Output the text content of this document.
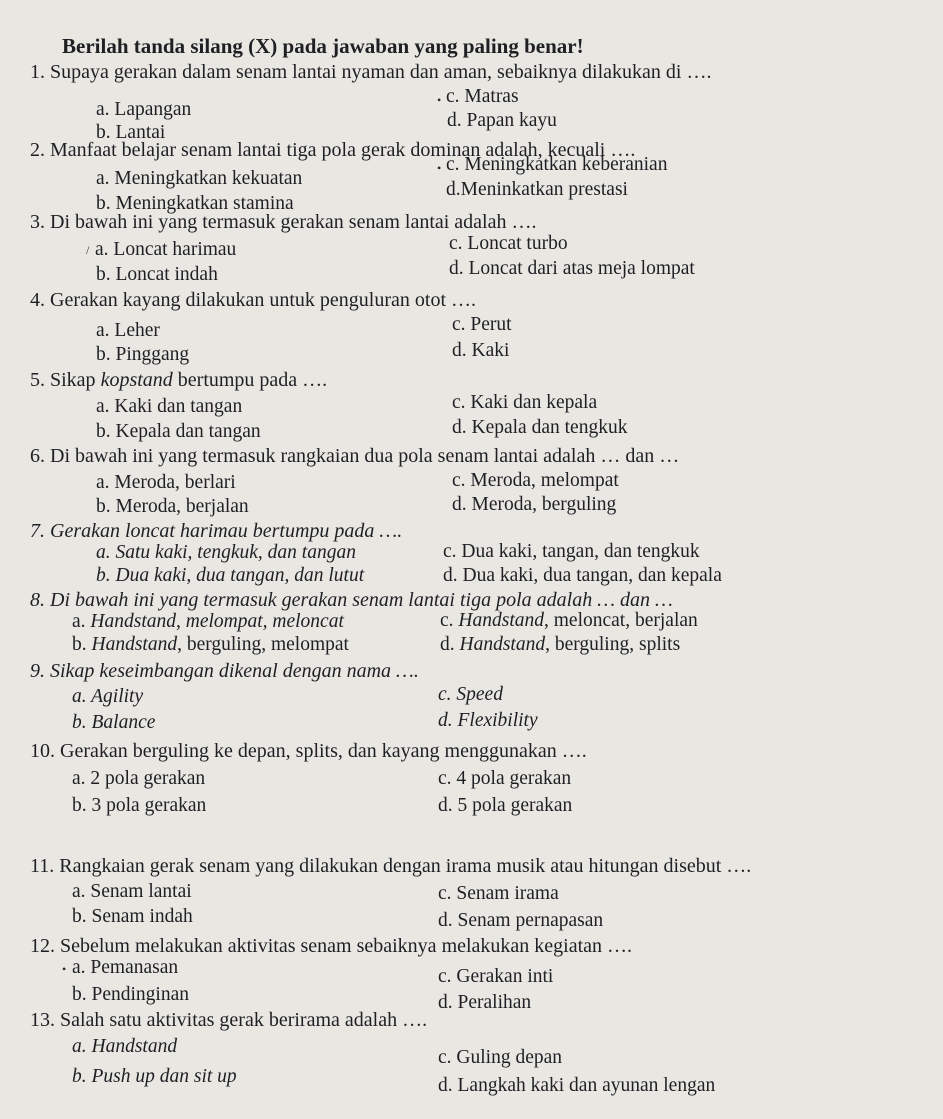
Berilah tanda silang (X) pada jawaban yang paling benar!
1. Supaya gerakan dalam senam lantai nyaman dan aman, sebaiknya dilakukan di ….
a. Lapangan
b. Lantai
• c. Matras
d. Papan kayu
2. Manfaat belajar senam lantai tiga pola gerak dominan adalah, kecuali ….
a. Meningkatkan kekuatan
b. Meningkatkan stamina
• c. Meningkatkan keberanian
d.Meninkatkan prestasi
3. Di bawah ini yang termasuk gerakan senam lantai adalah ….
/ a. Loncat harimau
b. Loncat indah
c. Loncat turbo
d. Loncat dari atas meja lompat
4. Gerakan kayang dilakukan untuk penguluran otot ….
a. Leher
b. Pinggang
c. Perut
d. Kaki
5. Sikap kopstand bertumpu pada ….
a. Kaki dan tangan
b. Kepala dan tangan
c. Kaki dan kepala
d. Kepala dan tengkuk
6. Di bawah ini yang termasuk rangkaian dua pola senam lantai adalah … dan …
a. Meroda, berlari
b. Meroda, berjalan
c. Meroda, melompat
d. Meroda, berguling
7. Gerakan loncat harimau bertumpu pada ….
a. Satu kaki, tengkuk, dan tangan
b. Dua kaki, dua tangan, dan lutut
c. Dua kaki, tangan, dan tengkuk
d. Dua kaki, dua tangan, dan kepala
8. Di bawah ini yang termasuk gerakan senam lantai tiga pola adalah … dan …
a. Handstand, melompat, meloncat
b. Handstand, berguling, melompat
c. Handstand, meloncat, berjalan
d. Handstand, berguling, splits
9. Sikap keseimbangan dikenal dengan nama ….
a. Agility
b. Balance
c. Speed
d. Flexibility
10. Gerakan berguling ke depan, splits, dan kayang menggunakan ….
a. 2 pola gerakan
b. 3 pola gerakan
c. 4 pola gerakan
d. 5 pola gerakan
11. Rangkaian gerak senam yang dilakukan dengan irama musik atau hitungan disebut ….
a. Senam lantai
b. Senam indah
c. Senam irama
d. Senam pernapasan
12. Sebelum melakukan aktivitas senam sebaiknya melakukan kegiatan ….
• a. Pemanasan
b. Pendinginan
c. Gerakan inti
d. Peralihan
13. Salah satu aktivitas gerak berirama adalah ….
a. Handstand
b. Push up dan sit up
c. Guling depan
d. Langkah kaki dan ayunan lengan
